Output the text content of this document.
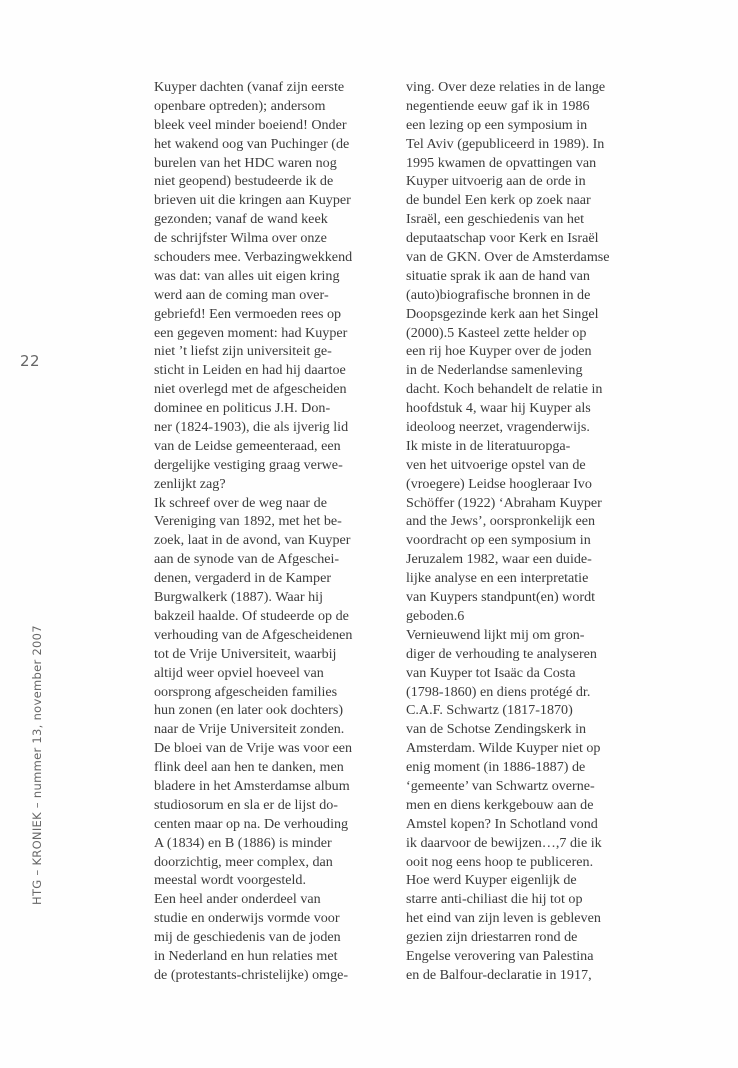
22
HTG – KRONIEK – nummer 13, november 2007
Kuyper dachten (vanaf zijn eerste
openbare optreden); andersom
bleek veel minder boeiend! Onder
het wakend oog van Puchinger (de
burelen van het HDC waren nog
niet geopend) bestudeerde ik de
brieven uit die kringen aan Kuyper
gezonden; vanaf de wand keek
de schrijfster Wilma over onze
schouders mee. Verbazingwekkend
was dat: van alles uit eigen kring
werd aan de coming man over-
gebriefd! Een vermoeden rees op
een gegeven moment: had Kuyper
niet ’t liefst zijn universiteit ge-
sticht in Leiden en had hij daartoe
niet overlegd met de afgescheiden
dominee en politicus J.H. Don-
ner (1824-1903), die als ijverig lid
van de Leidse gemeenteraad, een
dergelijke vestiging graag verwe-
zenlijkt zag?
Ik schreef over de weg naar de
Vereniging van 1892, met het be-
zoek, laat in de avond, van Kuyper
aan de synode van de Afgeschei-
denen, vergaderd in de Kamper
Burgwalkerk (1887). Waar hij
bakzeil haalde. Of studeerde op de
verhouding van de Afgescheidenen
tot de Vrije Universiteit, waarbij
altijd weer opviel hoeveel van
oorsprong afgescheiden families
hun zonen (en later ook dochters)
naar de Vrije Universiteit zonden.
De bloei van de Vrije was voor een
flink deel aan hen te danken, men
bladere in het Amsterdamse album
studiosorum en sla er de lijst do-
centen maar op na. De verhouding
A (1834) en B (1886) is minder
doorzichtig, meer complex, dan
meestal wordt voorgesteld.
Een heel ander onderdeel van
studie en onderwijs vormde voor
mij de geschiedenis van de joden
in Nederland en hun relaties met
de (protestants-christelijke) omge-
ving. Over deze relaties in de lange
negentiende eeuw gaf ik in 1986
een lezing op een symposium in
Tel Aviv (gepubliceerd in 1989). In
1995 kwamen de opvattingen van
Kuyper uitvoerig aan de orde in
de bundel Een kerk op zoek naar
Israël, een geschiedenis van het
deputaatschap voor Kerk en Israël
van de GKN. Over de Amsterdamse
situatie sprak ik aan de hand van
(auto)biografische bronnen in de
Doopsgezinde kerk aan het Singel
(2000).5 Kasteel zette helder op
een rij hoe Kuyper over de joden
in de Nederlandse samenleving
dacht. Koch behandelt de relatie in
hoofdstuk 4, waar hij Kuyper als
ideoloog neerzet, vragenderwijs.
Ik miste in de literatuuropga-
ven het uitvoerige opstel van de
(vroegere) Leidse hoogleraar Ivo
Schöffer (1922) ‘Abraham Kuyper
and the Jews’, oorspronkelijk een
voordracht op een symposium in
Jeruzalem 1982, waar een duide-
lijke analyse en een interpretatie
van Kuypers standpunt(en) wordt
geboden.6
Vernieuwend lijkt mij om gron-
diger de verhouding te analyseren
van Kuyper tot Isaäc da Costa
(1798-1860) en diens protégé dr.
C.A.F. Schwartz (1817-1870)
van de Schotse Zendingskerk in
Amsterdam. Wilde Kuyper niet op
enig moment (in 1886-1887) de
‘gemeente’ van Schwartz overne-
men en diens kerkgebouw aan de
Amstel kopen? In Schotland vond
ik daarvoor de bewijzen…,7 die ik
ooit nog eens hoop te publiceren.
Hoe werd Kuyper eigenlijk de
starre anti-chiliast die hij tot op
het eind van zijn leven is gebleven
gezien zijn driestarren rond de
Engelse verovering van Palestina
en de Balfour-declaratie in 1917,
